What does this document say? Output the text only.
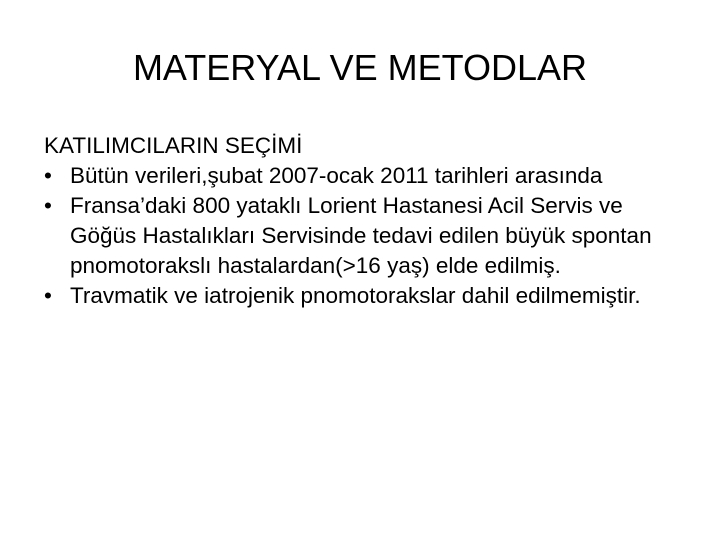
MATERYAL VE METODLAR
KATILIMCILARIN SEÇİMİ
• Bütün verileri,şubat 2007-ocak 2011 tarihleri arasında
• Fransa’daki 800 yataklı Lorient Hastanesi Acil Servis ve Göğüs Hastalıkları Servisinde tedavi edilen büyük spontan pnomotorakslı hastalardan(>16 yaş) elde edilmiş.
• Travmatik ve iatrojenik pnomotorakslar dahil edilmemiştir.
